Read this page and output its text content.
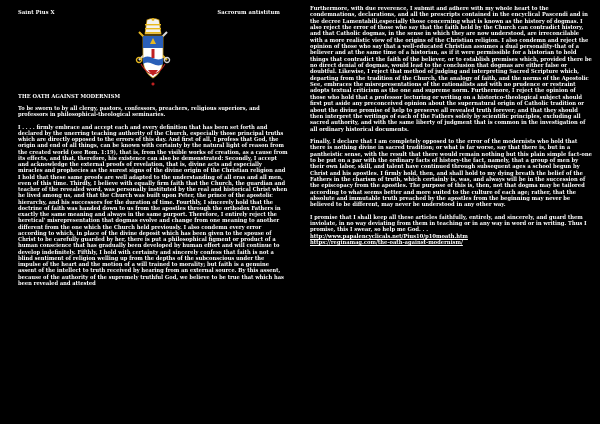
Saint Pius X	Sacrorum antistitum
THE OATH AGAINST MODERNISM

To be sworn to by all clergy, pastors, confessors, preachers, religious superiors, and professors in philosophical-theological seminaries.

I . . . . firmly embrace and accept each and every definition that has been set forth and declared by the unerring teaching authority of the Church, especially those principal truths which are directly opposed to the errors of this day. And first of all, I profess that God, the origin and end of all things, can be known with certainty by the natural light of reason from the created world (see Rom. 1:19), that is, from the visible works of creation, as a cause from its effects, and that, therefore, his existence can also be demonstrated: Secondly, I accept and acknowledge the external proofs of revelation, that is, divine acts and especially miracles and prophecies as the surest signs of the divine origin of the Christian religion and I hold that these same proofs are well adapted to the understanding of all eras and all men, even of this time. Thirdly, I believe with equally firm faith that the Church, the guardian and teacher of the revealed word, was personally instituted by the real and historical Christ when he lived among us, and that the Church was built upon Peter, the prince of the apostolic hierarchy, and his successors for the duration of time. Fourthly, I sincerely hold that the doctrine of faith was handed down to us from the apostles through the orthodox Fathers in exactly the same meaning and always in the same purport. Therefore, I entirely reject the heretical' misrepresentation that dogmas evolve and change from one meaning to another different from the one which the Church held previously. I also condemn every error according to which, in place of the divine deposit which has been given to the spouse of Christ to be carefully guarded by her, there is put a philosophical figment or product of a human conscience that has gradually been developed by human effort and will continue to develop indefinitely. Fifthly, I hold with certainty and sincerely confess that faith is not a blind sentiment of religion welling up from the depths of the subconscious under the impulse of the heart and the motion of a will trained to morality; but faith is a genuine assent of the intellect to truth received by hearing from an external source. By this assent, because of the authority of the supremely truthful God, we believe to be true that which has been revealed and attested

Furthermore, with due reverence, I submit and adhere with my whole heart to the condemnations, declarations, and all the prescripts contained in the encyclical Pascendi and in the decree Lamentabili,especially those concerning what is known as the history of dogmas. I also reject the error of those who say that the faith held by the Church can contradict history, and that Catholic dogmas, in the sense in which they are now understood, are irreconcilable with a more realistic view of the origins of the Christian religion. I also condemn and reject the opinion of those who say that a well-educated Christian assumes a dual personality-that of a believer and at the same time of a historian, as if it were permissible for a historian to hold things that contradict the faith of the believer, or to establish premises which, provided there be no direct denial of dogmas, would lead to the conclusion that dogmas are either false or doubtful. Likewise, I reject that method of judging and interpreting Sacred Scripture which, departing from the tradition of the Church, the analogy of faith, and the norms of the Apostolic See, embraces the misrepresentations of the rationalists and with no prudence or restraint adopts textual criticism as the one and supreme norm. Furthermore, I reject the opinion of those who hold that a professor lecturing or writing on a historico-theological subject should first put aside any preconceived opinion about the supernatural origin of Catholic tradition or about the divine promise of help to preserve all revealed truth forever; and that they should then interpret the writings of each of the Fathers solely by scientific principles, excluding all sacred authority, and with the same liberty of judgment that is common in the investigation of all ordinary historical documents.

Finally, I declare that I am completely opposed to the error of the modernists who hold that there is nothing divine in sacred tradition; or what is far worse, say that there is, but in a pantheistic sense, with the result that there would remain nothing but this plain simple fact-one to be put on a par with the ordinary facts of history-the fact, namely, that a group of men by their own labor, skill, and talent have continued through subsequent ages a school begun by Christ and his apostles. I firmly hold, then, and shall hold to my dying breath the belief of the Fathers in the charism of truth, which certainly is, was, and always will be in the succession of the episcopacy from the apostles. The purpose of this is, then, not that dogma may be tailored according to what seems better and more suited to the culture of each age; rather, that the absolute and immutable truth preached by the apostles from the beginning may never be believed to be different, may never be understood in any other way.

I promise that I shall keep all these articles faithfully, entirely, and sincerely, and guard them inviolate, in no way deviating from them in teaching or in any way in word or in writing. Thus I promise, this I swear, so help me God. . .

http://www.papalencyclicals.net/Pius10/p10moath.htm
https://reginamag.com/the-oath-against-modernism/
